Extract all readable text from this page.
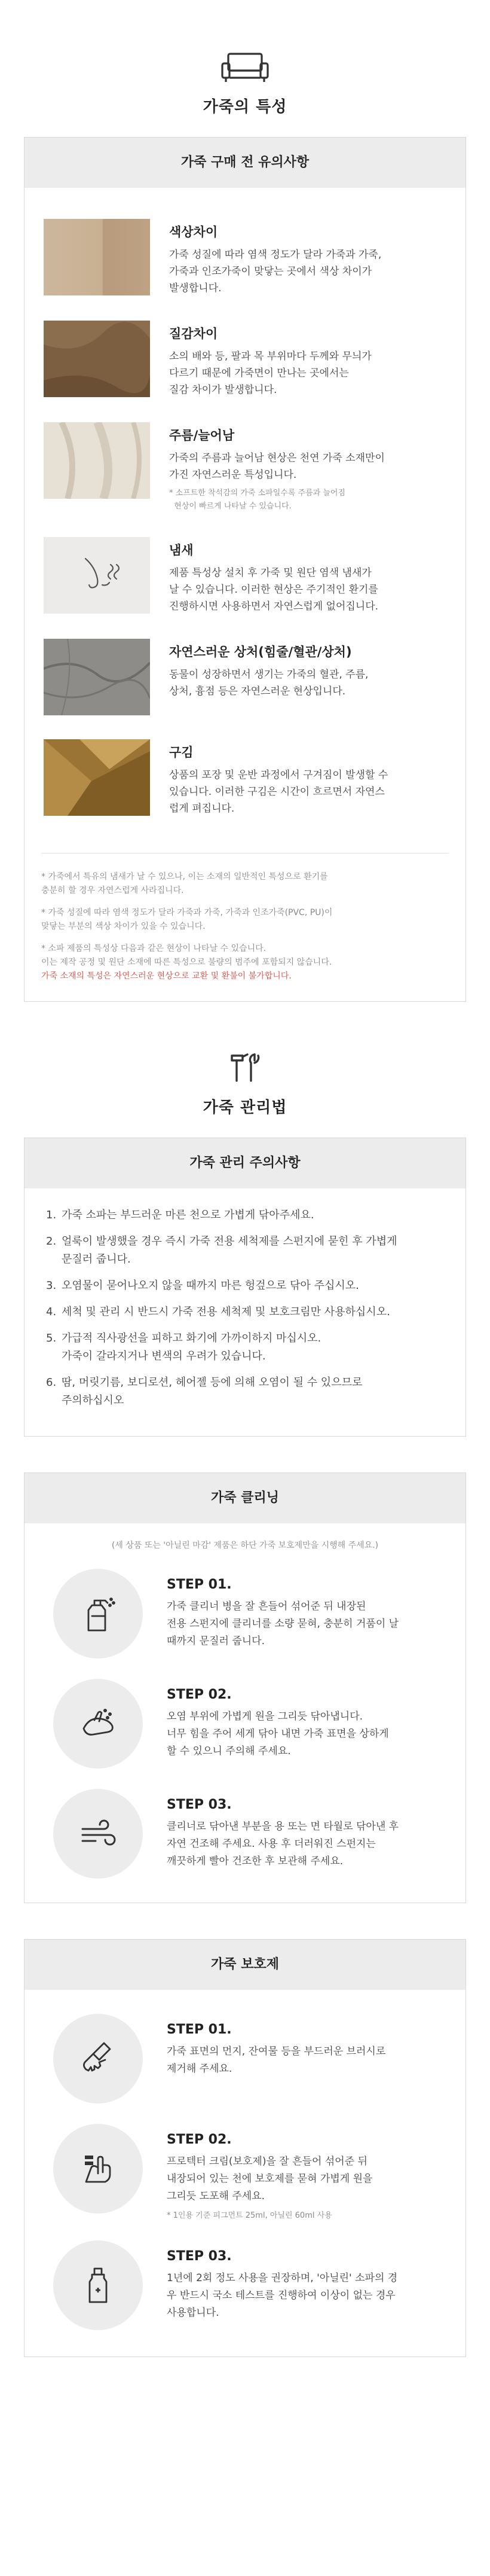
가죽의 특성
가죽 구매 전 유의사항
색상차이
가죽 성질에 따라 염색 정도가 달라 가죽과 가죽,
가죽과 인조가죽이 맞닿는 곳에서 색상 차이가
발생합니다.
질감차이
소의 배와 등, 팔과 목 부위마다 두께와 무늬가
다르기 때문에 가죽면이 만나는 곳에서는
질감 차이가 발생합니다.
주름/늘어남
가죽의 주름과 늘어남 현상은 천연 가죽 소재만이
가진 자연스러운 특성입니다.
* 소프트한 착석감의 가죽 소파일수록 주름과 늘어짐
현상이 빠르게 나타날 수 있습니다.
냄새
제품 특성상 설치 후 가죽 및 원단 염색 냄새가
날 수 있습니다. 이러한 현상은 주기적인 환기를
진행하시면 사용하면서 자연스럽게 없어집니다.
자연스러운 상처(힘줄/혈관/상처)
동물이 성장하면서 생기는 가죽의 혈관, 주름,
상처, 흉점 등은 자연스러운 현상입니다.
구김
상품의 포장 및 운반 과정에서 구겨짐이 발생할 수
있습니다. 이러한 구김은 시간이 흐르면서 자연스
럽게 펴집니다.

* 가죽에서 특유의 냄새가 날 수 있으나, 이는 소재의 일반적인 특성으로 환기를
충분히 할 경우 자연스럽게 사라집니다.

* 가죽 성질에 따라 염색 정도가 달라 가죽과 가죽, 가죽과 인조가죽(PVC, PU)이
맞닿는 부분의 색상 차이가 있을 수 있습니다.

* 소파 제품의 특성상 다음과 같은 현상이 나타날 수 있습니다.
이는 제작 공정 및 원단 소재에 따른 특성으로 불량의 범주에 포함되지 않습니다.

가죽 소재의 특성은 자연스러운 현상으로 교환 및 환불이 불가합니다.

가죽 관리법
가죽 관리 주의사항
1. 가죽 소파는 부드러운 마른 천으로 가볍게 닦아주세요.
2. 얼룩이 발생했을 경우 즉시 가죽 전용 세척제를 스펀지에 묻힌 후 가볍게
문질러 줍니다.
3. 오염물이 묻어나오지 않을 때까지 마른 헝겊으로 닦아 주십시오.
4. 세척 및 관리 시 반드시 가죽 전용 세척제 및 보호크림만 사용하십시오.
5. 가급적 직사광선을 피하고 화기에 가까이하지 마십시오.
가죽이 갈라지거나 변색의 우려가 있습니다.
6. 땀, 머릿기름, 보디로션, 헤어젤 등에 의해 오염이 될 수 있으므로
주의하십시오
가죽 클리닝
(세 상품 또는 '아닐린 마감' 제품은 하단 가죽 보호제만을 시행해 주세요.)
STEP 01.
가죽 클리너 병을 잘 흔들어 섞어준 뒤 내장된
전용 스펀지에 클리너를 소량 묻혀, 충분히 거품이 날
때까지 문질러 줍니다.
STEP 02.
오염 부위에 가볍게 원을 그리듯 닦아냅니다.
너무 힘을 주어 세게 닦아 내면 가죽 표면을 상하게
할 수 있으니 주의해 주세요.
STEP 03.
클리너로 닦아낸 부분을 용 또는 면 타월로 닦아낸 후
자연 건조해 주세요. 사용 후 더러워진 스펀지는
깨끗하게 빨아 건조한 후 보관해 주세요.
가죽 보호제
STEP 01.
가죽 표면의 먼지, 잔여물 등을 부드러운 브러시로
제거해 주세요.
STEP 02.
프로텍터 크림(보호제)을 잘 흔들어 섞어준 뒤
내장되어 있는 천에 보호제를 묻혀 가볍게 원을
그리듯 도포해 주세요.
* 1인용 기준 피그먼트 25ml, 아닐린 60ml 사용
STEP 03.
1년에 2회 정도 사용을 권장하며, '아닐린' 소파의 경
우 반드시 국소 테스트를 진행하여 이상이 없는 경우
사용합니다.
